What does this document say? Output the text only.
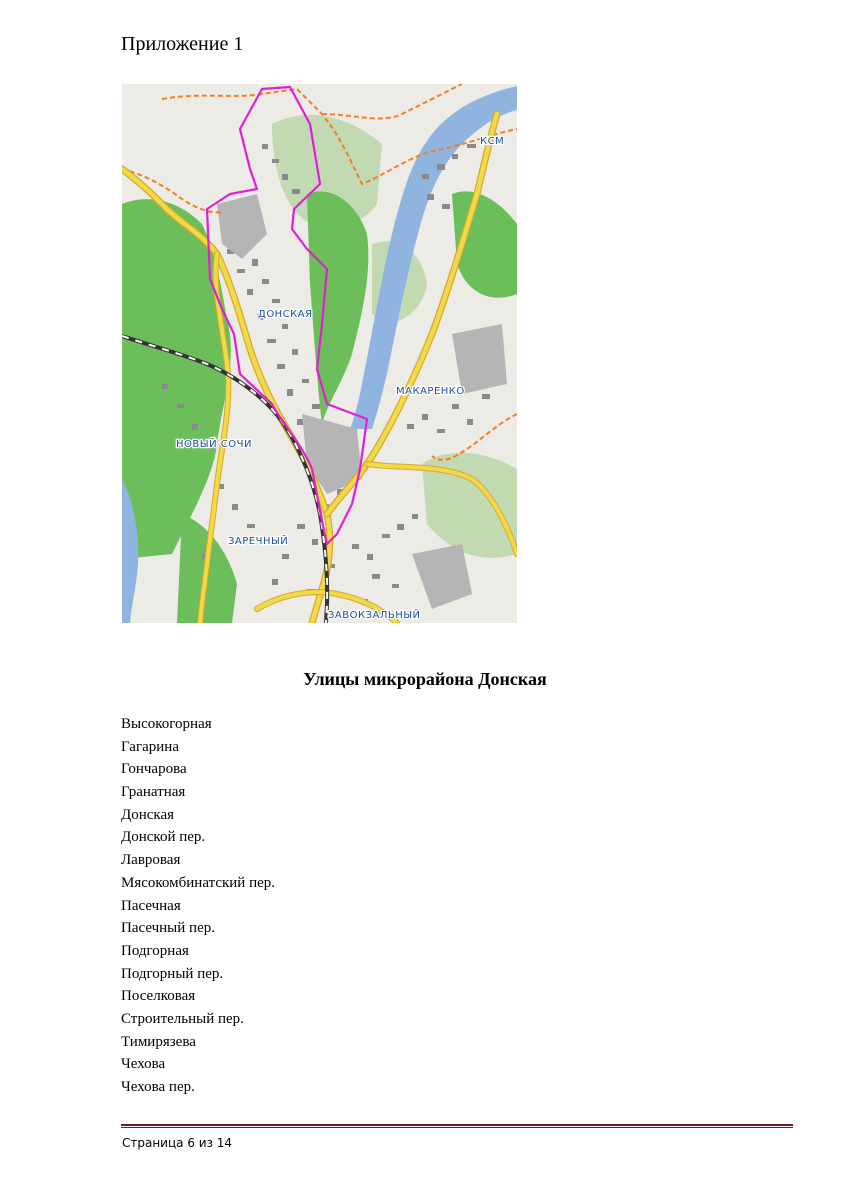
Приложение 1
КСМ
ДОНСКАЯ
МАКАРЕНКО
НОВЫЙ СОЧИ
ЗАРЕЧНЫЙ
ЗАВОКЗАЛЬНЫЙ
Улицы микрорайона Донская
Высокогорная
Гагарина
Гончарова
Гранатная
Донская
Донской пер.
Лавровая
Мясокомбинатский пер.
Пасечная
Пасечный пер.
Подгорная
Подгорный пер.
Поселковая
Строительный пер.
Тимирязева
Чехова
Чехова пер.
Страница 6 из 14
